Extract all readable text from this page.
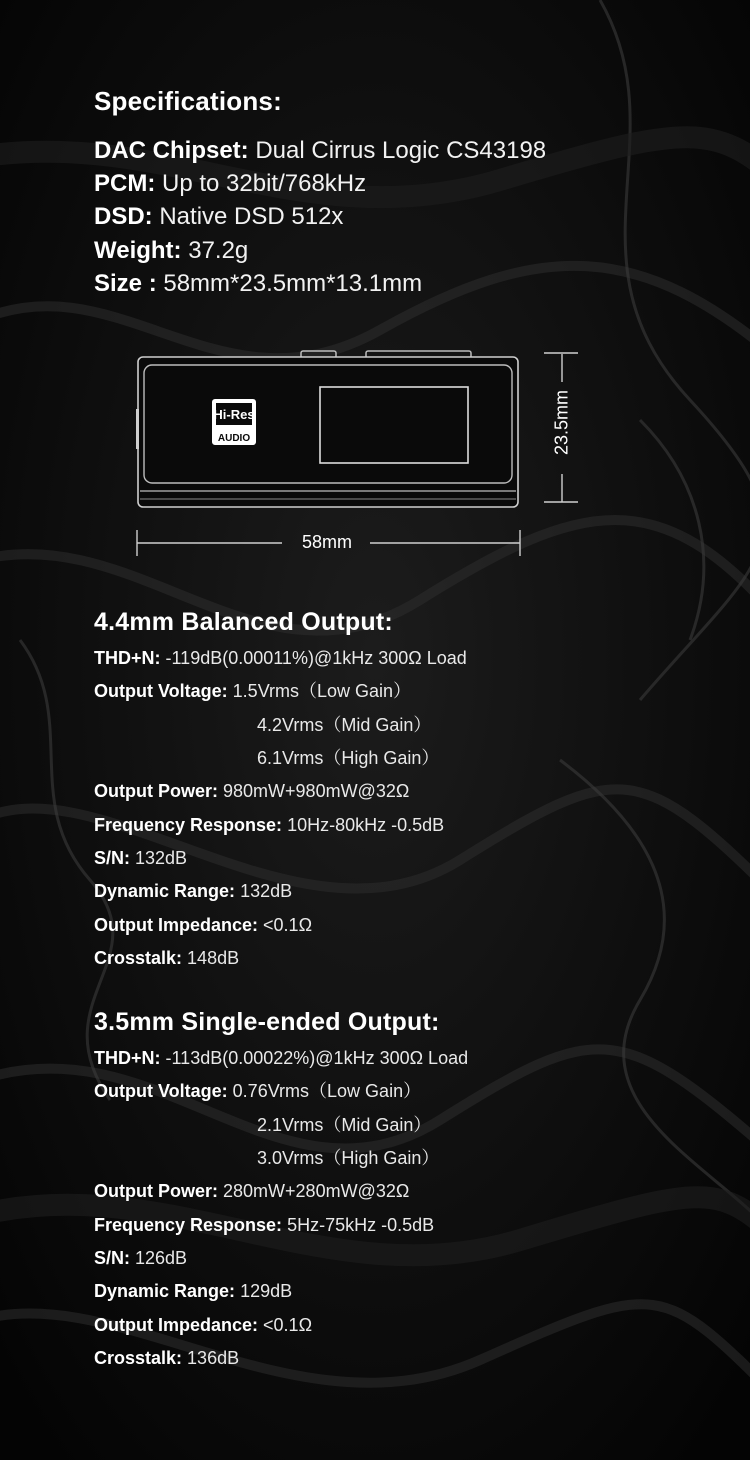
Specifications:
DAC Chipset: Dual Cirrus Logic CS43198
PCM: Up to 32bit/768kHz
DSD: Native DSD 512x
Weight: 37.2g
Size : 58mm*23.5mm*13.1mm
Hi-Res
AUDIO	23.5mm
58mm
4.4mm Balanced Output:
THD+N: -119dB(0.00011%)@1kHz 300Ω Load
Output Voltage: 1.5Vrms（Low Gain）
4.2Vrms（Mid Gain）
6.1Vrms（High Gain）
Output Power: 980mW+980mW@32Ω
Frequency Response: 10Hz-80kHz -0.5dB
S/N: 132dB
Dynamic Range: 132dB
Output Impedance: <0.1Ω
Crosstalk: 148dB
3.5mm Single-ended Output:
THD+N: -113dB(0.00022%)@1kHz 300Ω Load
Output Voltage: 0.76Vrms（Low Gain）
2.1Vrms（Mid Gain）
3.0Vrms（High Gain）
Output Power: 280mW+280mW@32Ω
Frequency Response: 5Hz-75kHz -0.5dB
S/N: 126dB
Dynamic Range: 129dB
Output Impedance: <0.1Ω
Crosstalk: 136dB
